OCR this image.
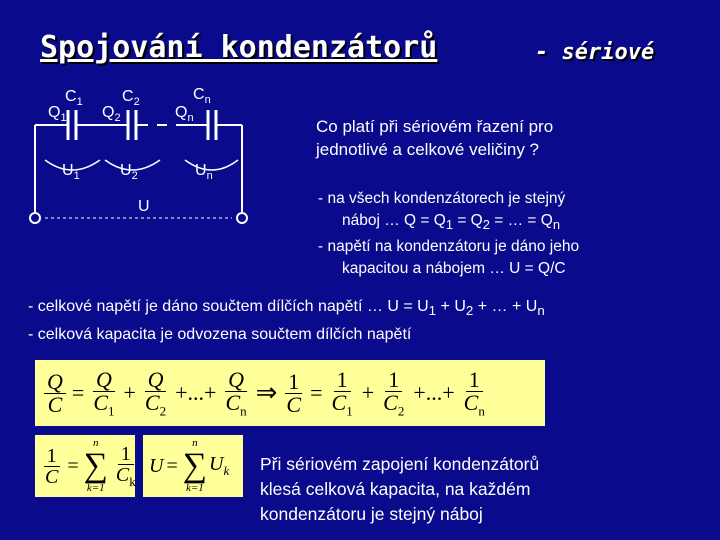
Spojování kondenzátorů	- sériové
$C_1$ $C_2$	$C_n$
$Q_1$ $Q_2$	$Q_n$
$U_1$	$U_2$	$U_n$
U
Co platí při sériovém řazení pro
jednotlivé a celkové veličiny ?
- na všech kondenzátorech je stejný
náboj … $Q = Q_1 = Q_2$ = … = $Q_n$
- napětí na kondenzátoru je dáno jeho
kapacitou a nábojem … U = Q/C
- celkové napětí je dáno součtem dílčích napětí … $U = U_1 + U_2$ + … + $U_n$
- celková kapacita je odvozena součtem dílčích napětí
$\frac{Q}{C} = \frac{Q}{C_1} + \frac{Q}{C_2}$ +...+ $\frac{Q}{C_n}$ ⇒ $\frac{1}{C} = \frac{1}{C_1} + \frac{1}{C_2}$ +...+ $\frac{1}{C_n}$
$\frac{1}{C}$ =
n
∑
$k=1 \frac{1}{C_k}$ U =
n
∑
k=1
$U_k$ Při sériovém zapojení kondenzátorů
klesá celková kapacita, na každém
kondenzátoru je stejný náboj
